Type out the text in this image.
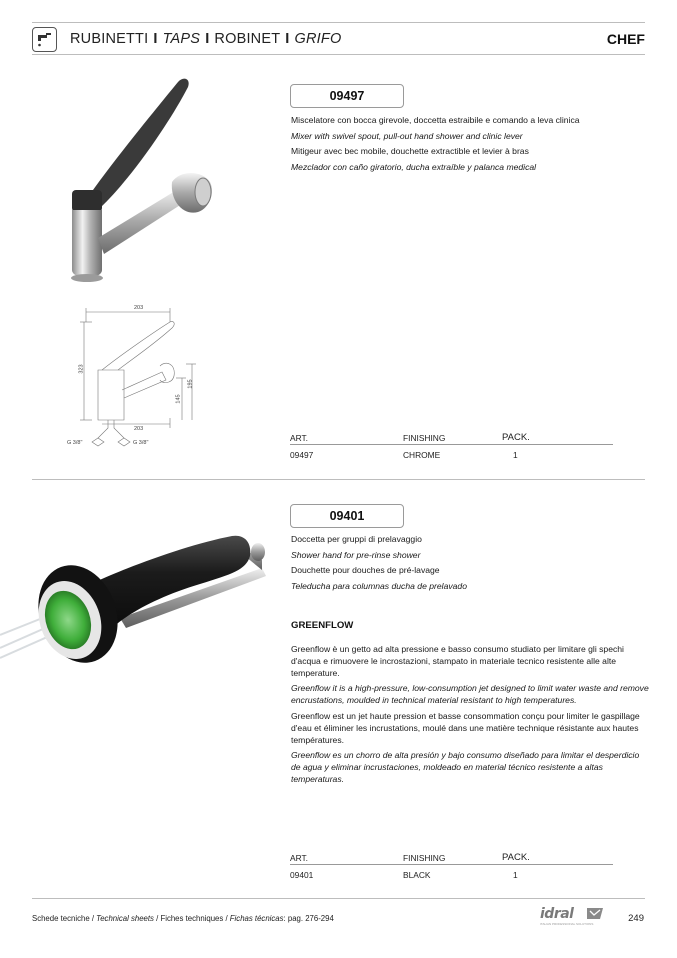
RUBINETTI I TAPS I ROBINET I GRIFO	CHEF
203
323
145
195
203
G 3/8"	G 3/8"
09497
Miscelatore con bocca girevole, doccetta estraibile e comando a leva clinica
Mixer with swivel spout, pull-out hand shower and clinic lever
Mitigeur avec bec mobile, douchette extractible et levier à bras
Mezclador con caño giratorio, ducha extraíble y palanca medical
ART.	FINISHING	PACK.
09497	CHROME	1
09401
Doccetta per gruppi di prelavaggio
Shower hand for pre-rinse shower
Douchette pour douches de pré-lavage
Teleducha para columnas ducha de prelavado
GREENFLOW

Greenflow è un getto ad alta pressione e basso consumo studiato per limitare gli spechi d'acqua e rimuovere le incrostazioni, stampato in materiale tecnico resistente alle alte temperature.

Greenflow it is a high-pressure, low-consumption jet designed to limit water waste and remove encrustations, moulded in technical material resistant to high temperatures.

Greenflow est un jet haute pression et basse consommation conçu pour limiter le gaspillage d'eau et éliminer les incrustations, moulé dans une matière technique résistante aux hautes températures.

Greenflow es un chorro de alta presión y bajo consumo diseñado para limitar el desperdicio de agua y eliminar incrustaciones, moldeado en material técnico resistente a altas temperaturas.

ART.	FINISHING	PACK.
09401	BLACK	1
Schede tecniche / Technical sheets / Fiches techniques / Fichas técnicas: pag. 276-294	idral
ITALIAN PROFESSIONAL SOLUTIONS	249
